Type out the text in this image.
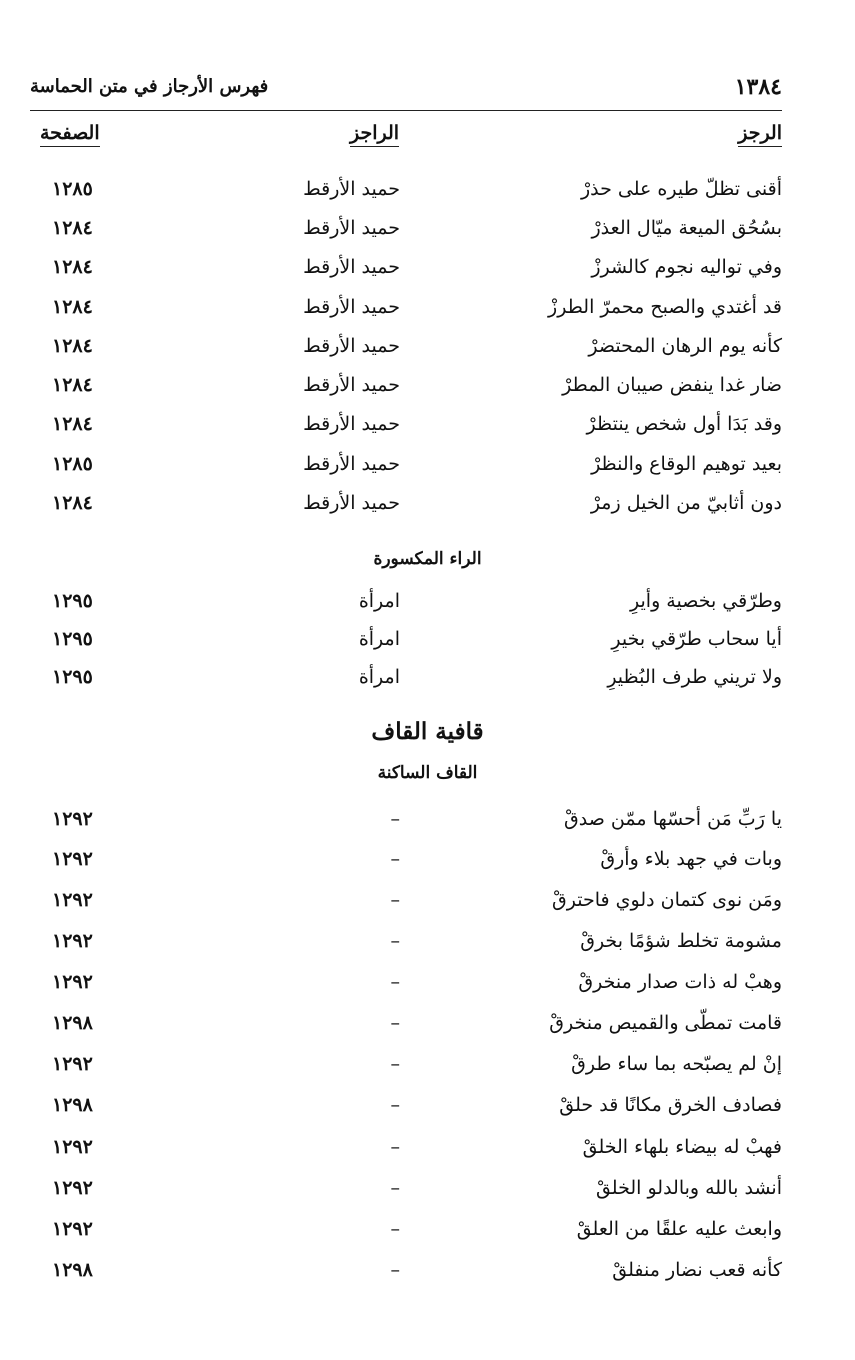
١٣٨٤
فهرس الأرجاز في متن الحماسة
الرجز
الراجز
الصفحة
أقنى تظلّ طيره على حذرْ
حميد الأرقط
١٢٨٥
بسُحُق الميعة ميّال العذرْ
حميد الأرقط
١٢٨٤
وفي تواليه نجوم كالشرزْ
حميد الأرقط
١٢٨٤
قد أغتدي والصبح محمرّ الطرزْ
حميد الأرقط
١٢٨٤
كأنه يوم الرهان المحتضرْ
حميد الأرقط
١٢٨٤
ضار غدا ينفض صيبان المطرْ
حميد الأرقط
١٢٨٤
وقد بَدَا أول شخص ينتظرْ
حميد الأرقط
١٢٨٤
بعيد توهيم الوقاع والنظرْ
حميد الأرقط
١٢٨٥
دون أثابيّ من الخيل زمرْ
حميد الأرقط
١٢٨٤
الراء المكسورة
وطرّقي بخصية وأيرِ
امرأة
١٢٩٥
أيا سحاب طرّقي بخيرِ
امرأة
١٢٩٥
ولا تريني طرف البُظيرِ
امرأة
١٢٩٥
قافية القاف
القاف الساكنة
يا رَبِّ مَن أحسّها ممّن صدقْ
–
١٢٩٢
وبات في جهد بلاء وأرقْ
–
١٢٩٢
ومَن نوى كتمان دلوي فاحترقْ
–
١٢٩٢
مشومة تخلط شؤمًا بخرقْ
–
١٢٩٢
وهبْ له ذات صدار منخرقْ
–
١٢٩٢
قامت تمطّى والقميص منخرقْ
–
١٢٩٨
إنْ لم يصبّحه بما ساء طرقْ
–
١٢٩٢
فصادف الخرق مكانًا قد حلقْ
–
١٢٩٨
فهبْ له بيضاء بلهاء الخلقْ
–
١٢٩٢
أنشد بالله وبالدلو الخلقْ
–
١٢٩٢
وابعث عليه علقًا من العلقْ
–
١٢٩٢
كأنه قعب نضار منفلقْ
–
١٢٩٨
